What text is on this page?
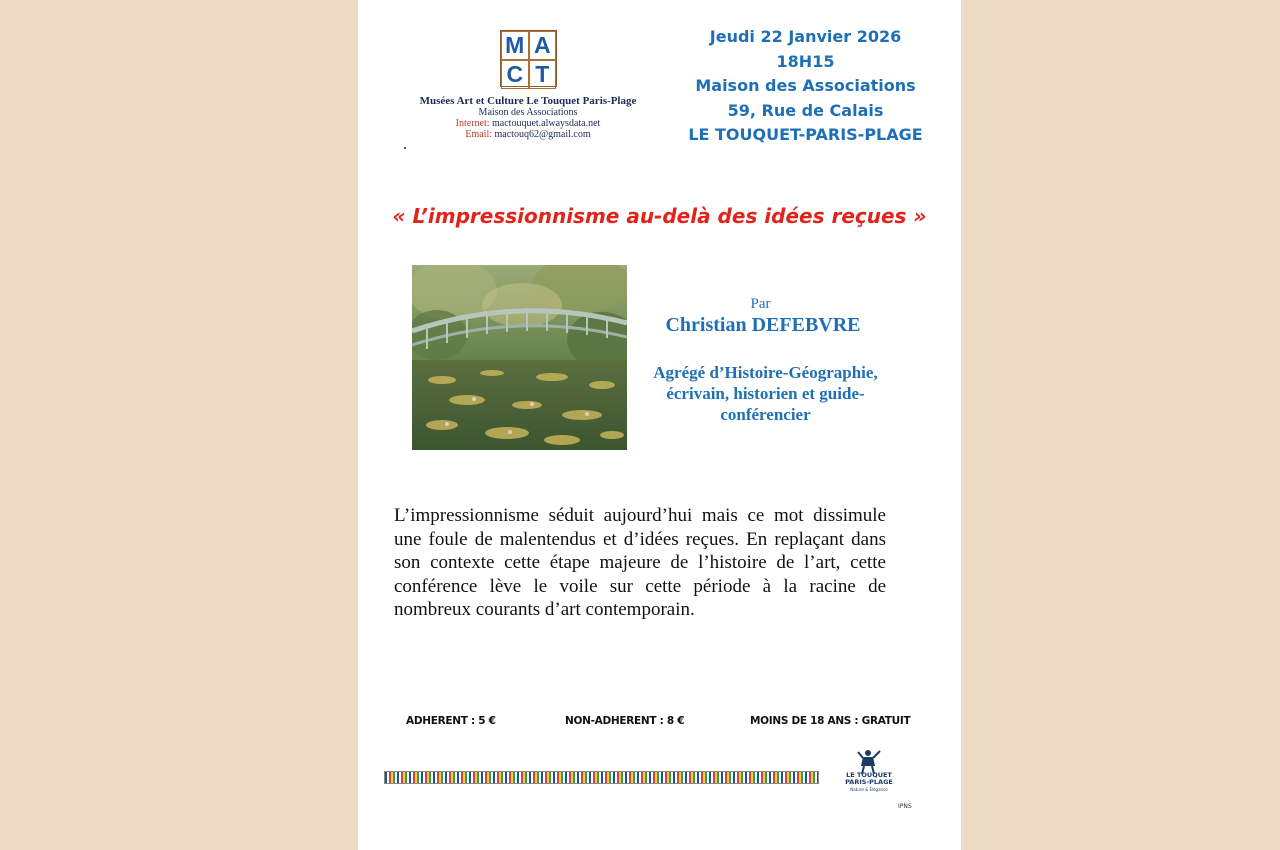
M A
C T
Musées Art et Culture Le Touquet Paris-Plage
Maison des Associations
Internet: mactouquet.alwaysdata.net
Email: mactouq62@gmail.com
Jeudi 22 Janvier 2026
18H15
Maison des Associations
59, Rue de Calais
LE TOUQUET-PARIS-PLAGE
« L’impressionnisme au-delà des idées reçues »
Par
Christian DEFEBVRE
Agrégé d’Histoire-Géographie,
écrivain, historien et guide-
conférencier
L’impressionnisme séduit aujourd’hui mais ce mot dissimule une foule de malentendus et d’idées reçues. En replaçant dans son contexte cette étape majeure de l’histoire de l’art, cette conférence lève le voile sur cette période à la racine de nombreux courants d’art contemporain.
ADHERENT : 5 €	NON-ADHERENT : 8 €	MOINS DE 18 ANS : GRATUIT
LE TOUQUET
PARIS-PLAGE
Nature & Élégance
IPNS
